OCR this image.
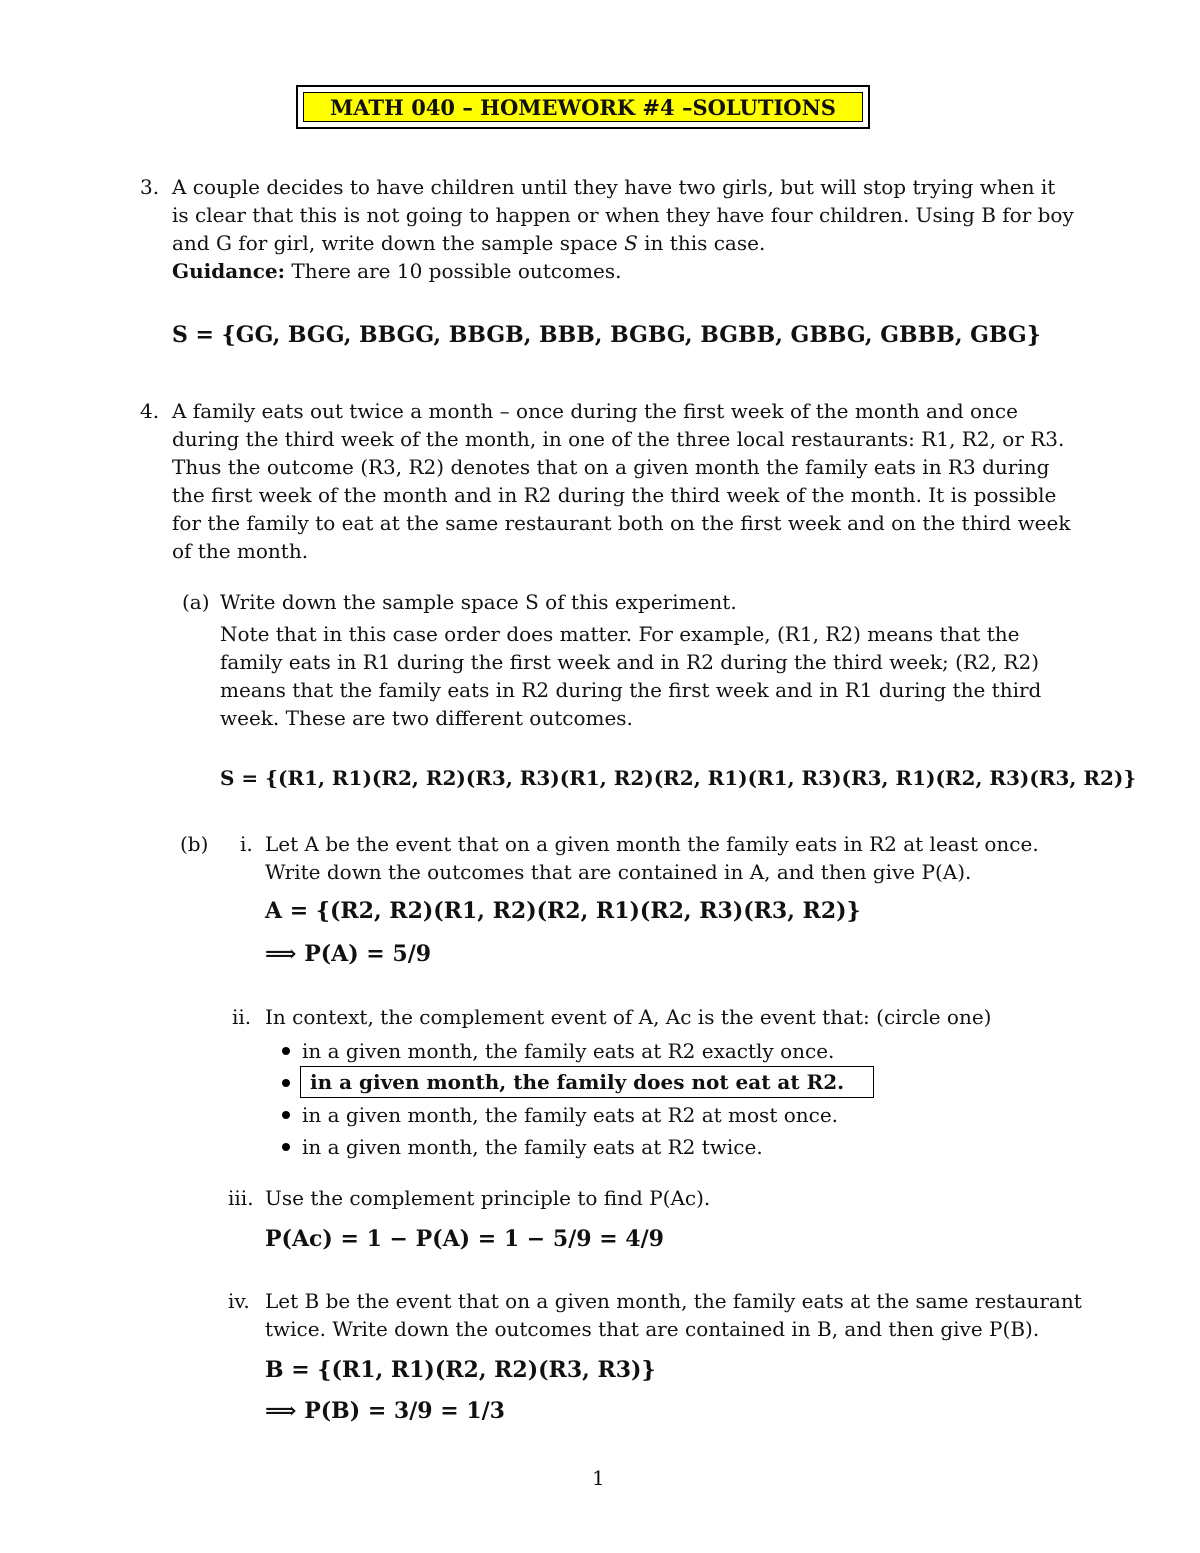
MATH 040 – HOMEWORK #4 –SOLUTIONS
3. A couple decides to have children until they have two girls, but will stop trying when it
is clear that this is not going to happen or when they have four children. Using B for boy
and G for girl, write down the sample space S in this case.
Guidance: There are 10 possible outcomes.
S = {GG, BGG, BBGG, BBGB, BBB, BGBG, BGBB, GBBG, GBBB, GBG}
4. A family eats out twice a month – once during the first week of the month and once
during the third week of the month, in one of the three local restaurants: R1, R2, or R3.
Thus the outcome (R3, R2) denotes that on a given month the family eats in R3 during
the first week of the month and in R2 during the third week of the month. It is possible
for the family to eat at the same restaurant both on the first week and on the third week
of the month.
(a) Write down the sample space S of this experiment.
Note that in this case order does matter. For example, (R1, R2) means that the
family eats in R1 during the first week and in R2 during the third week; (R2, R2)
means that the family eats in R2 during the first week and in R1 during the third
week. These are two different outcomes.
S = {(R1, R1)(R2, R2)(R3, R3)(R1, R2)(R2, R1)(R1, R3)(R3, R1)(R2, R3)(R3, R2)}
(b) i. Let A be the event that on a given month the family eats in R2 at least once.
Write down the outcomes that are contained in A, and then give P(A).
A = {(R2, R2)(R1, R2)(R2, R1)(R2, R3)(R3, R2)}
⟹ P(A) = 5/9
ii. In context, the complement event of A, Ac is the event that: (circle one)
in a given month, the family eats at R2 exactly once.
in a given month, the family does not eat at R2.
in a given month, the family eats at R2 at most once.
in a given month, the family eats at R2 twice.
iii. Use the complement principle to find P(Ac).
P(Ac) = 1 − P(A) = 1 − 5/9 = 4/9
iv. Let B be the event that on a given month, the family eats at the same restaurant
twice. Write down the outcomes that are contained in B, and then give P(B).
B = {(R1, R1)(R2, R2)(R3, R3)}
⟹ P(B) = 3/9 = 1/3
1
